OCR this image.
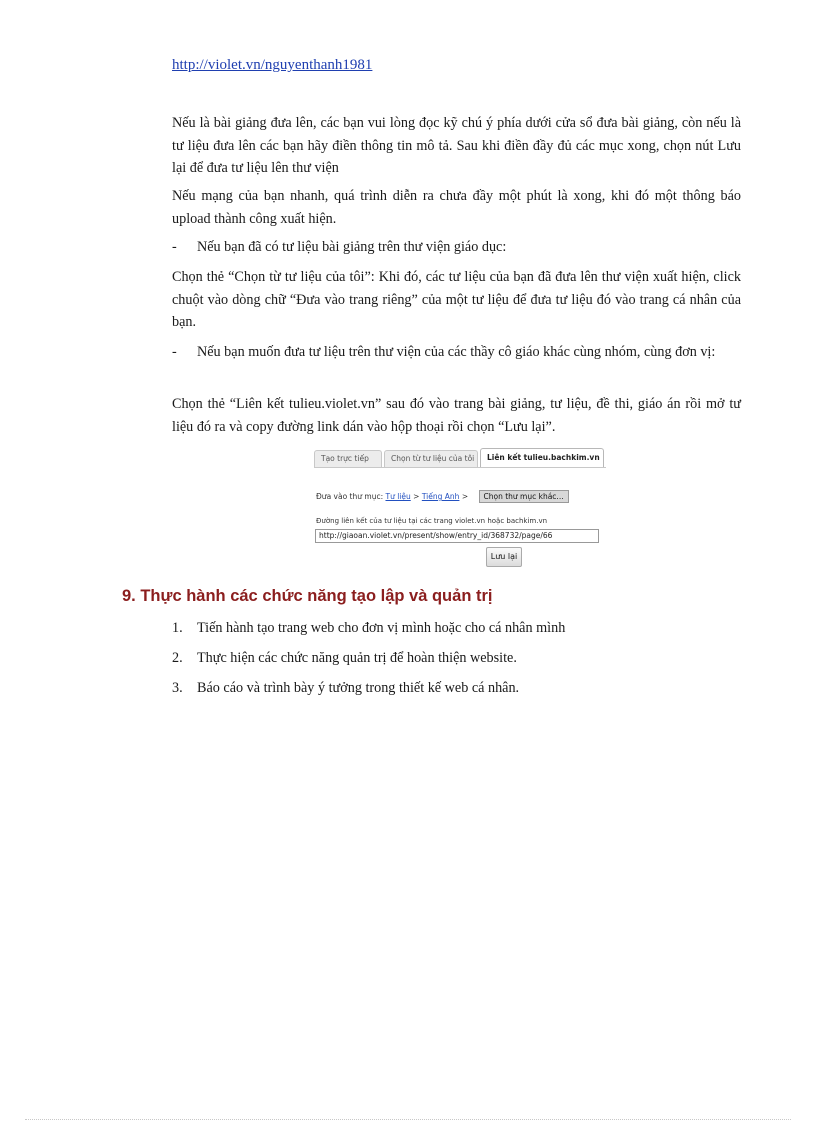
http://violet.vn/nguyenthanh1981

Nếu là bài giảng đưa lên, các bạn vui lòng đọc kỹ chú ý phía dưới cửa sổ đưa bài giảng, còn nếu là tư liệu đưa lên các bạn hãy điền thông tin mô tả. Sau khi điền đầy đủ các mục xong, chọn nút Lưu lại để đưa tư liệu lên thư viện

Nếu mạng của bạn nhanh, quá trình diễn ra chưa đầy một phút là xong, khi đó một thông báo upload thành công xuất hiện.

- Nếu bạn đã có tư liệu bài giảng trên thư viện giáo dục:

Chọn thẻ “Chọn từ tư liệu của tôi”: Khi đó, các tư liệu của bạn đã đưa lên thư viện xuất hiện, click chuột vào dòng chữ “Đưa vào trang riêng” của một tư liệu để đưa tư liệu đó vào trang cá nhân của bạn.

- Nếu bạn muốn đưa tư liệu trên thư viện của các thầy cô giáo khác cùng nhóm, cùng đơn vị:

Chọn thẻ “Liên kết tulieu.violet.vn” sau đó vào trang bài giảng, tư liệu, đề thi, giáo án rồi mở tư liệu đó ra và copy đường link dán vào hộp thoại rồi chọn “Lưu lại”.

Tạo trực tiếp	Chọn từ tư liệu của tôi	Liên kết tulieu.bachkim.vn
Đưa vào thư mục: Tư liệu > Tiếng Anh > Chọn thư mục khác...
Đường liên kết của tư liệu tại các trang violet.vn hoặc bachkim.vn
http://giaoan.violet.vn/present/show/entry_id/368732/page/66
Lưu lại
9. Thực hành các chức năng tạo lập và quản trị
1. Tiến hành tạo trang web cho đơn vị mình hoặc cho cá nhân mình
2. Thực hiện các chức năng quản trị để hoàn thiện website.
3. Báo cáo và trình bày ý tưởng trong thiết kế web cá nhân.
